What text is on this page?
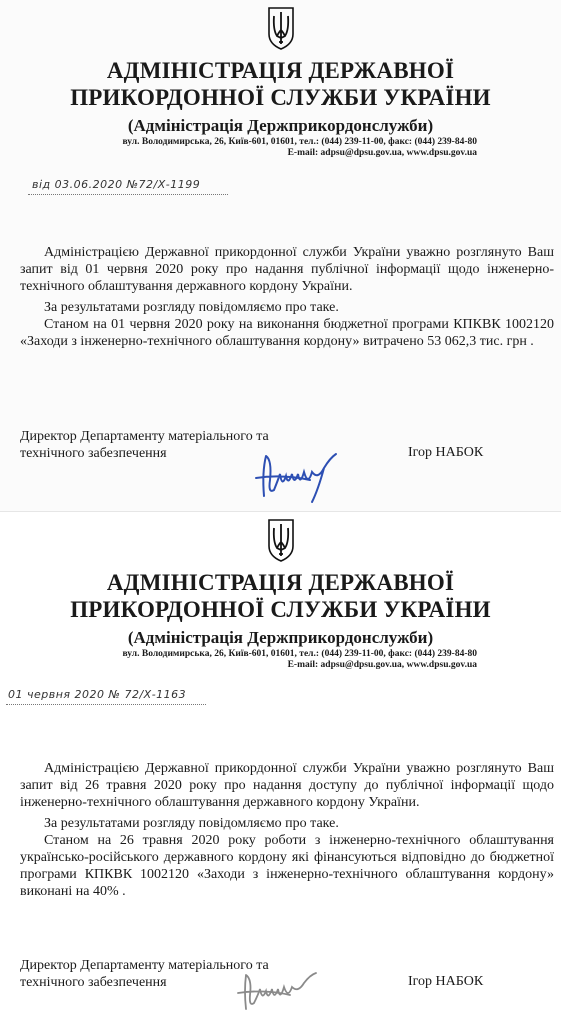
АДМІНІСТРАЦІЯ ДЕРЖАВНОЇ
ПРИКОРДОННОЇ СЛУЖБИ УКРАЇНИ
(Адміністрація Держприкордонслужби)
вул. Володимирська, 26, Київ-601, 01601, тел.: (044) 239-11-00, факс: (044) 239-84-80
E-mail: adpsu@dpsu.gov.ua, www.dpsu.gov.ua
від 03.06.2020 №72/Х-1199

Адміністрацією Державної прикордонної служби України уважно розглянуто Ваш запит від 01 червня 2020 року про надання публічної інформації щодо інженерно-технічного облаштування державного кордону України.

За результатами розгляду повідомляємо про таке.

Станом на 01 червня 2020 року на виконання бюджетної програми КПКВК 1002120 «Заходи з інженерно-технічного облаштування кордону» витрачено 53 062,3 тис. грн .

Директор Департаменту матеріального та
технічного забезпечення	Ігор НАБОК
АДМІНІСТРАЦІЯ ДЕРЖАВНОЇ
ПРИКОРДОННОЇ СЛУЖБИ УКРАЇНИ
(Адміністрація Держприкордонслужби)
вул. Володимирська, 26, Київ-601, 01601, тел.: (044) 239-11-00, факс: (044) 239-84-80
E-mail: adpsu@dpsu.gov.ua, www.dpsu.gov.ua
01 червня 2020 № 72/Х-1163

Адміністрацією Державної прикордонної служби України уважно розглянуто Ваш запит від 26 травня 2020 року про надання доступу до публічної інформації щодо інженерно-технічного облаштування державного кордону України.

За результатами розгляду повідомляємо про таке.

Станом на 26 травня 2020 року роботи з інженерно-технічного облаштування українсько-російського державного кордону які фінансуються відповідно до бюджетної програми КПКВК 1002120 «Заходи з інженерно-технічного облаштування кордону» виконані на 40% .

Директор Департаменту матеріального та
технічного забезпечення	Ігор НАБОК
